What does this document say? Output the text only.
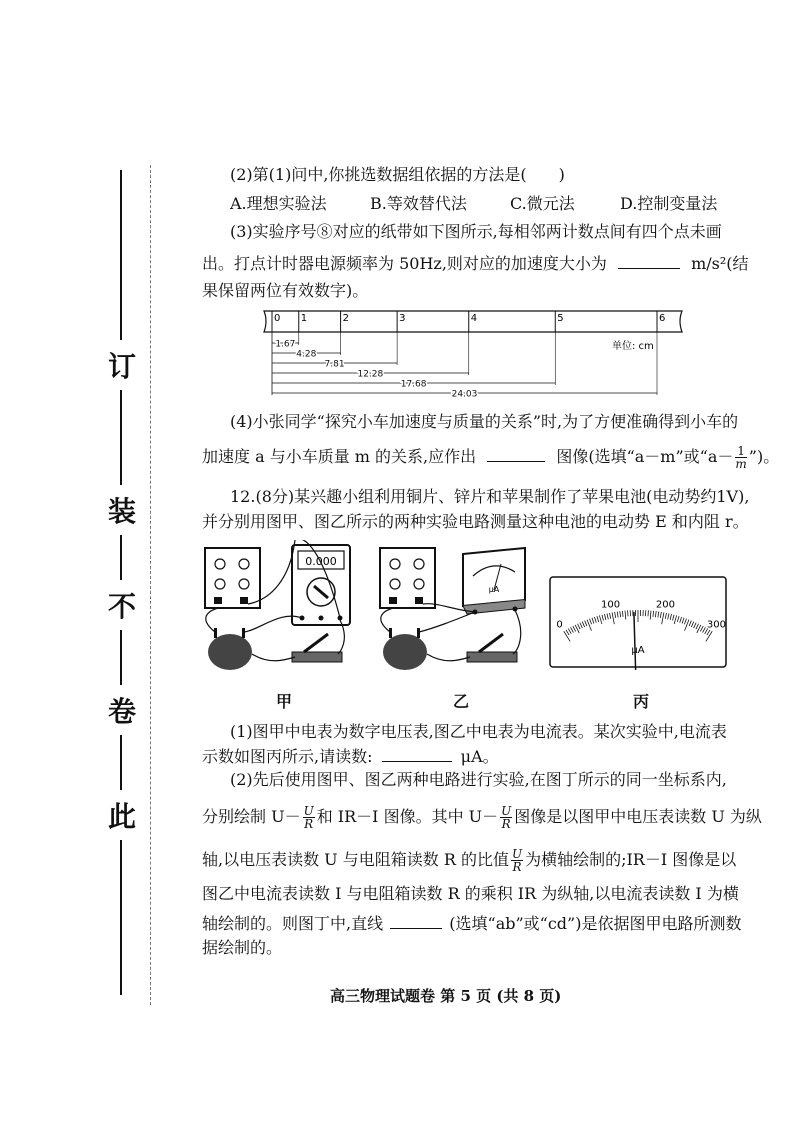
订
装
不
卷
此
(2)第(1)问中,你挑选数据组依据的方法是(　　)
A.理想实验法	B.等效替代法	C.微元法	D.控制变量法
(3)实验序号⑧对应的纸带如下图所示,每相邻两计数点间有四个点未画
出。打点计时器电源频率为 50Hz,则对应的加速度大小为	m/s²(结
果保留两位有效数字)。
0 1	2	3	4	5	6
1.67
4.28
7.81
12.28
17.68
24.03
单位: cm
(4)小张同学“探究小车加速度与质量的关系”时,为了方便准确得到小车的
加速度 a 与小车质量 m 的关系,应作出	图像(选填“a－m”或“$a- \frac{1}{m}$ ”)。
12.(8分)某兴趣小组利用铜片、锌片和苹果制作了苹果电池(电动势约1V),
并分别用图甲、图乙所示的两种实验电路测量这种电池的电动势 E 和内阻 r。
0.000
甲
μA
乙
0
100	200
300
μA
丙
(1)图甲中电表为数字电压表,图乙中电表为电流表。某次实验中,电流表
示数如图丙所示,请读数:	μA。
(2)先后使用图甲、图乙两种电路进行实验,在图丁所示的同一坐标系内,
分别绘制 $U- \frac{U}{R}$ 和 IR－I 图像。其中 $U- \frac{U}{R}$ 图像是以图甲中电压表读数 U 为纵
轴,以电压表读数 U 与电阻箱读数 R 的比值 $\frac{U}{R}$ 为横轴绘制的;IR－I 图像是以
图乙中电流表读数 I 与电阻箱读数 R 的乘积 IR 为纵轴,以电流表读数 I 为横
轴绘制的。则图丁中,直线	(选填“ab”或“cd”)是依据图甲电路所测数
据绘制的。
高三物理试题卷 第 5 页 (共 8 页)
